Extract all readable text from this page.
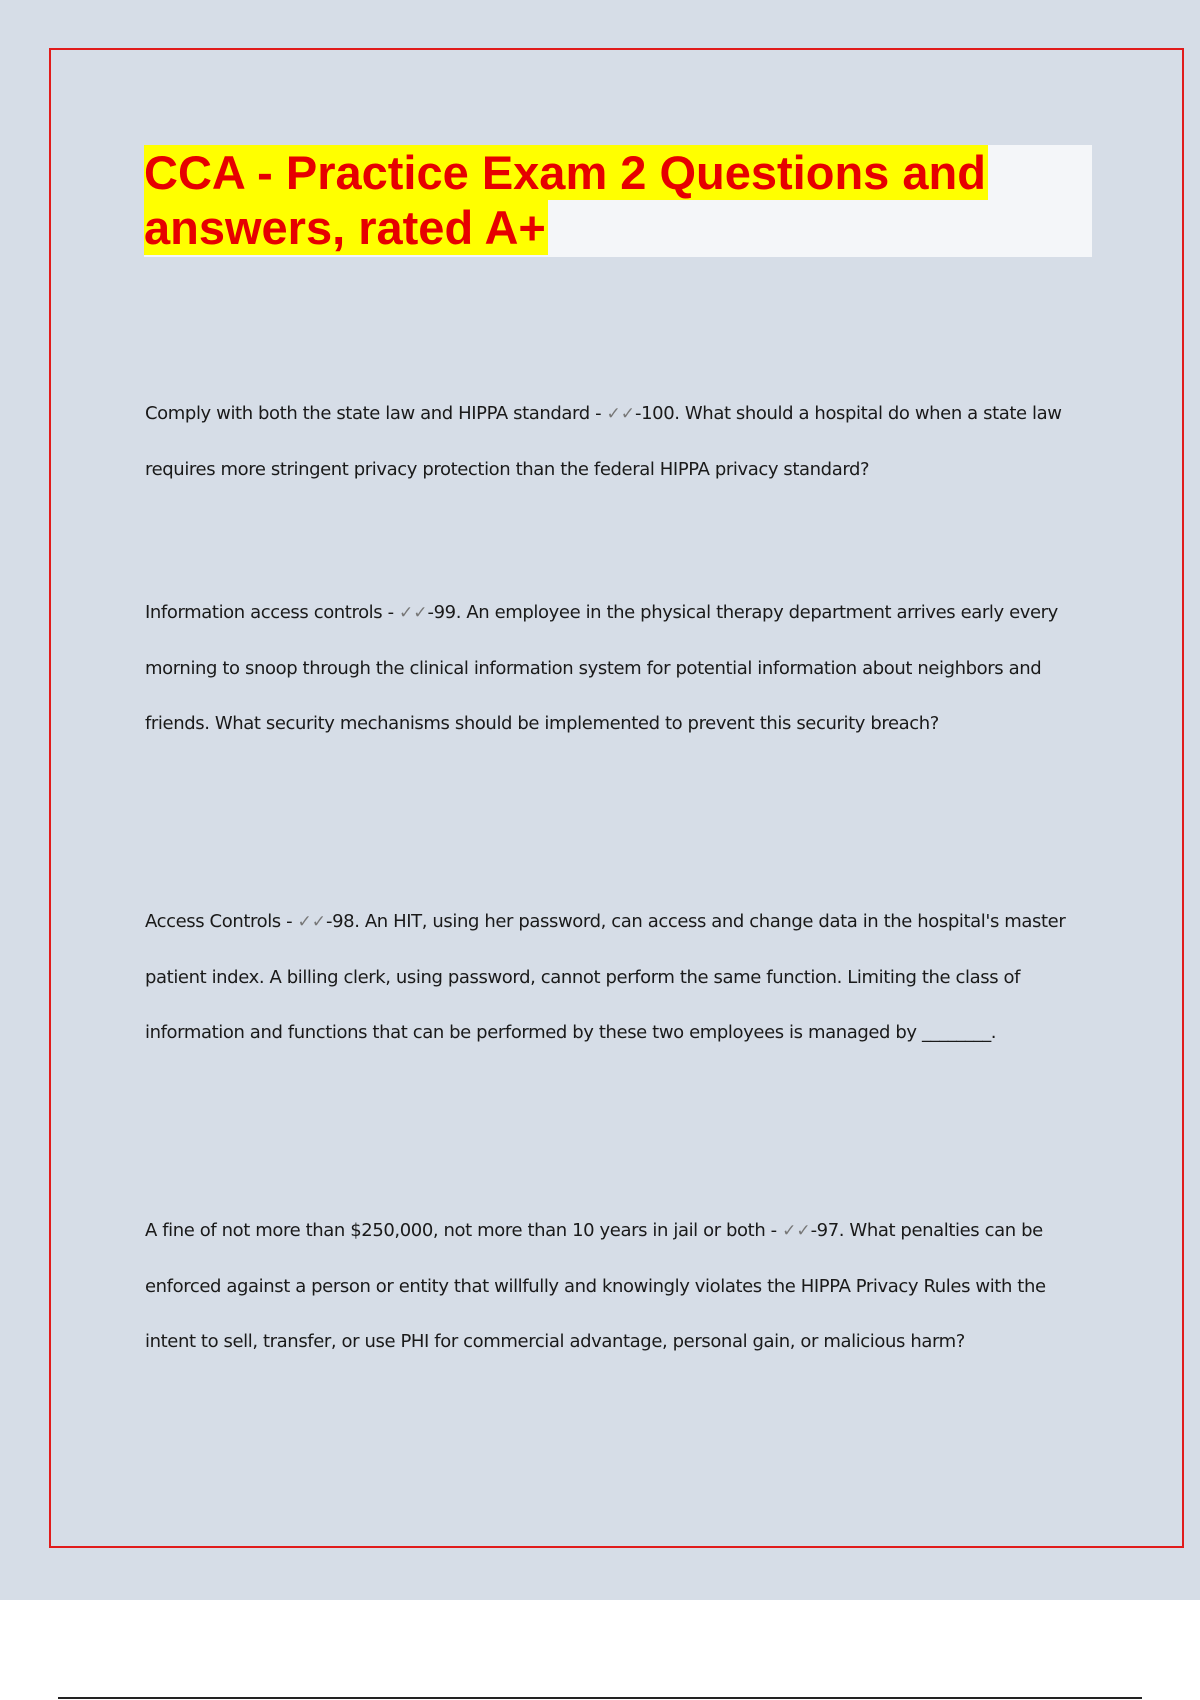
CCA - Practice Exam 2 Questions and

answers, rated A+

Comply with both the state law and HIPPA standard - ✓✓-100. What should a hospital do when a state law requires more stringent privacy protection than the federal HIPPA privacy standard?

Information access controls - ✓✓-99. An employee in the physical therapy department arrives early every morning to snoop through the clinical information system for potential information about neighbors and friends. What security mechanisms should be implemented to prevent this security breach?

Access Controls - ✓✓-98. An HIT, using her password, can access and change data in the hospital's master patient index. A billing clerk, using password, cannot perform the same function. Limiting the class of information and functions that can be performed by these two employees is managed by ________.

A fine of not more than $250,000, not more than 10 years in jail or both - ✓✓-97. What penalties can be enforced against a person or entity that willfully and knowingly violates the HIPPA Privacy Rules with the intent to sell, transfer, or use PHI for commercial advantage, personal gain, or malicious harm?
